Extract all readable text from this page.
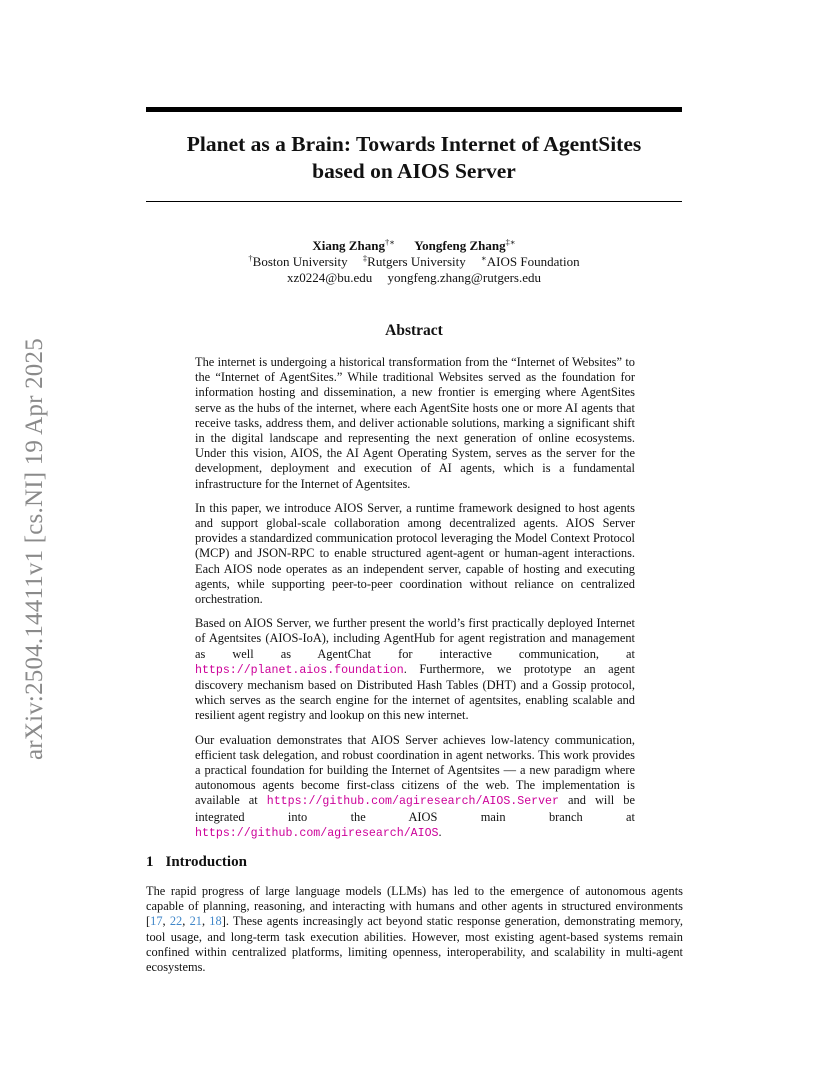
arXiv:2504.14411v1 [cs.NI] 19 Apr 2025
Planet as a Brain: Towards Internet of AgentSites
based on AIOS Server
Xiang Zhang†∗ Yongfeng Zhang‡∗
†Boston University ‡Rutgers University ∗AIOS Foundation
xz0224@bu.edu yongfeng.zhang@rutgers.edu
Abstract

The internet is undergoing a historical transformation from the “Internet of Websites” to the “Internet of AgentSites.” While traditional Websites served as the foundation for information hosting and dissemination, a new frontier is emerging where AgentSites serve as the hubs of the internet, where each AgentSite hosts one or more AI agents that receive tasks, address them, and deliver actionable solutions, marking a significant shift in the digital landscape and representing the next generation of online ecosystems. Under this vision, AIOS, the AI Agent Operating System, serves as the server for the development, deployment and execution of AI agents, which is a fundamental infrastructure for the Internet of Agentsites.

In this paper, we introduce AIOS Server, a runtime framework designed to host agents and support global-scale collaboration among decentralized agents. AIOS Server provides a standardized communication protocol leveraging the Model Context Protocol (MCP) and JSON-RPC to enable structured agent-agent or human-agent interactions. Each AIOS node operates as an independent server, capable of hosting and executing agents, while supporting peer-to-peer coordination without reliance on centralized orchestration.

Based on AIOS Server, we further present the world’s first practically deployed Internet of Agentsites (AIOS-IoA), including AgentHub for agent registration and management as well as AgentChat for interactive communication, at https://planet.aios.foundation. Furthermore, we prototype an agent discovery mechanism based on Distributed Hash Tables (DHT) and a Gossip protocol, which serves as the search engine for the internet of agentsites, enabling scalable and resilient agent registry and lookup on this new internet.

Our evaluation demonstrates that AIOS Server achieves low-latency communication, efficient task delegation, and robust coordination in agent networks. This work provides a practical foundation for building the Internet of Agentsites — a new paradigm where autonomous agents become first-class citizens of the web. The implementation is available at https://github.com/agiresearch/AIOS.Server and will be integrated into the AIOS main branch at https://github.com/agiresearch/AIOS.

1 Introduction

The rapid progress of large language models (LLMs) has led to the emergence of autonomous agents capable of planning, reasoning, and interacting with humans and other agents in structured environments [17, 22, 21, 18]. These agents increasingly act beyond static response generation, demonstrating memory, tool usage, and long-term task execution abilities. However, most existing agent-based systems remain confined within centralized platforms, limiting openness, interoperability, and scalability in multi-agent ecosystems.
